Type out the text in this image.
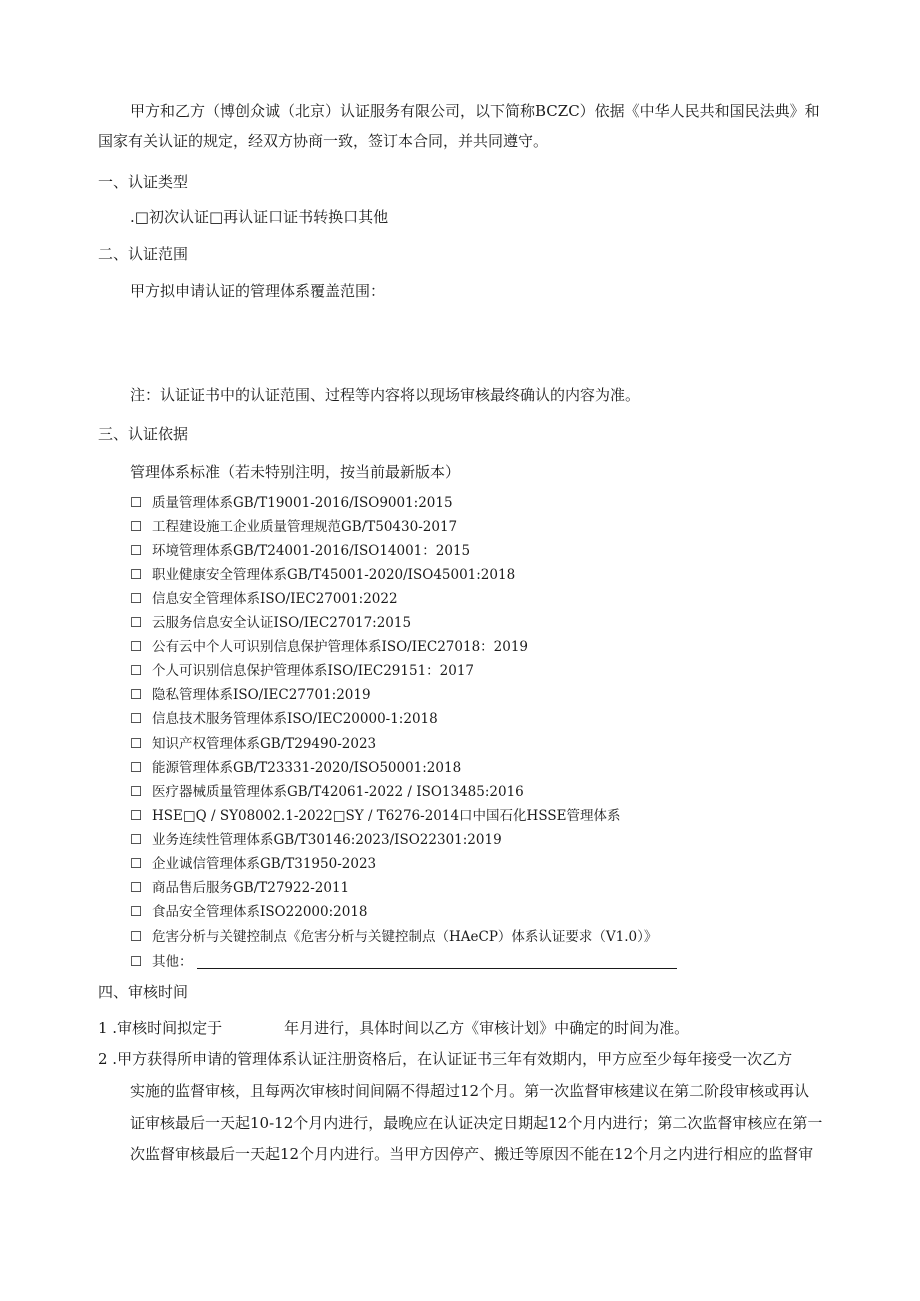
甲方和乙方（博创众诚（北京）认证服务有限公司，以下简称BCZC）依据《中华人民共和国民法典》和
国家有关认证的规定，经双方协商一致，签订本合同，并共同遵守。
一、认证类型
.□初次认证□再认证口证书转换口其他
二、认证范围
甲方拟申请认证的管理体系覆盖范围：
注：认证证书中的认证范围、过程等内容将以现场审核最终确认的内容为准。
三、认证依据
管理体系标准（若未特别注明，按当前最新版本）
☐ 质量管理体系GB/T19001-2016/ISO9001:2015
☐ 工程建设施工企业质量管理规范GB/T50430-2017
☐ 环境管理体系GB/T24001-2016/ISO14001：2015
☐ 职业健康安全管理体系GB/T45001-2020/ISO45001:2018
☐ 信息安全管理体系ISO/IEC27001:2022
☐ 云服务信息安全认证ISO/IEC27017:2015
☐ 公有云中个人可识别信息保护管理体系ISO/IEC27018：2019
☐ 个人可识别信息保护管理体系ISO/IEC29151：2017
☐ 隐私管理体系ISO/IEC27701:2019
☐ 信息技术服务管理体系ISO/IEC20000-1:2018
☐ 知识产权管理体系GB/T29490-2023
☐ 能源管理体系GB/T23331-2020/ISO50001:2018
☐ 医疗器械质量管理体系GB/T42061-2022 / ISO13485:2016
☐ HSE□Q / SY08002.1-2022□SY / T6276-2014口中国石化HSSE管理体系
☐ 业务连续性管理体系GB/T30146:2023/ISO22301:2019
☐ 企业诚信管理体系GB/T31950-2023
☐ 商品售后服务GB/T27922-2011
☐ 食品安全管理体系ISO22000:2018
☐ 危害分析与关键控制点《危害分析与关键控制点（HAeCP）体系认证要求（V1.0）》
☐ 其他：
四、审核时间
1 .审核时间拟定于	年月进行，具体时间以乙方《审核计划》中确定的时间为准。
2 .甲方获得所申请的管理体系认证注册资格后，在认证证书三年有效期内，甲方应至少每年接受一次乙方
实施的监督审核，且每两次审核时间间隔不得超过12个月。第一次监督审核建议在第二阶段审核或再认
证审核最后一天起10-12个月内进行，最晚应在认证决定日期起12个月内进行；第二次监督审核应在第一
次监督审核最后一天起12个月内进行。当甲方因停产、搬迁等原因不能在12个月之内进行相应的监督审
